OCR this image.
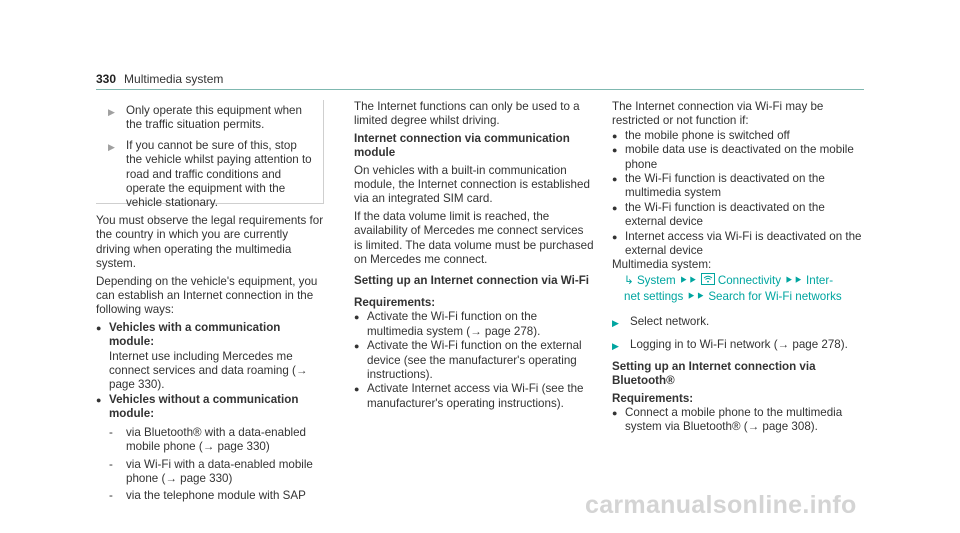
330 Multimedia system
▶ Only operate this equipment when the traffic situation permits.
▶ If you cannot be sure of this, stop the vehicle whilst paying attention to road and traffic conditions and operate the equipment with the vehicle stationary.

You must observe the legal requirements for the country in which you are currently driving when operating the multimedia system.

Depending on the vehicle's equipment, you can establish an Internet connection in the following ways:

● Vehicles with a communication module:
Internet use including Mercedes me connect services and data roaming (→ page 330).
● Vehicles without a communication module:
-	via Bluetooth® with a data-enabled mobile phone (→ page 330)
-	via Wi-Fi with a data-enabled mobile phone (→ page 330)
-	via the telephone module with SAP

The Internet functions can only be used to a limited degree whilst driving.

Internet connection via communication module

On vehicles with a built-in communication module, the Internet connection is established via an integrated SIM card.

If the data volume limit is reached, the availability of Mercedes me connect services is limited. The data volume must be purchased on Mercedes me connect.

Setting up an Internet connection via Wi-Fi

Requirements:

● Activate the Wi-Fi function on the multimedia system (→ page 278).
● Activate the Wi-Fi function on the external device (see the manufacturer's operating instructions).
● Activate Internet access via Wi-Fi (see the manufacturer's operating instructions).

The Internet connection via Wi-Fi may be restricted or not function if:

● the mobile phone is switched off
● mobile data use is deactivated on the mobile phone
● the Wi-Fi function is deactivated on the multimedia system
● the Wi-Fi function is deactivated on the external device
● Internet access via Wi-Fi is deactivated on the external device

Multimedia system:

↳ System ⯈⯈  Connectivity ⯈⯈ Inter-
net settings ⯈⯈ Search for Wi-Fi networks
▶ Select network.
▶ Logging in to Wi-Fi network (→ page 278).

Setting up an Internet connection via Bluetooth®

Requirements:

● Connect a mobile phone to the multimedia system via Bluetooth® (→ page 308).
carmanualsonline.info
